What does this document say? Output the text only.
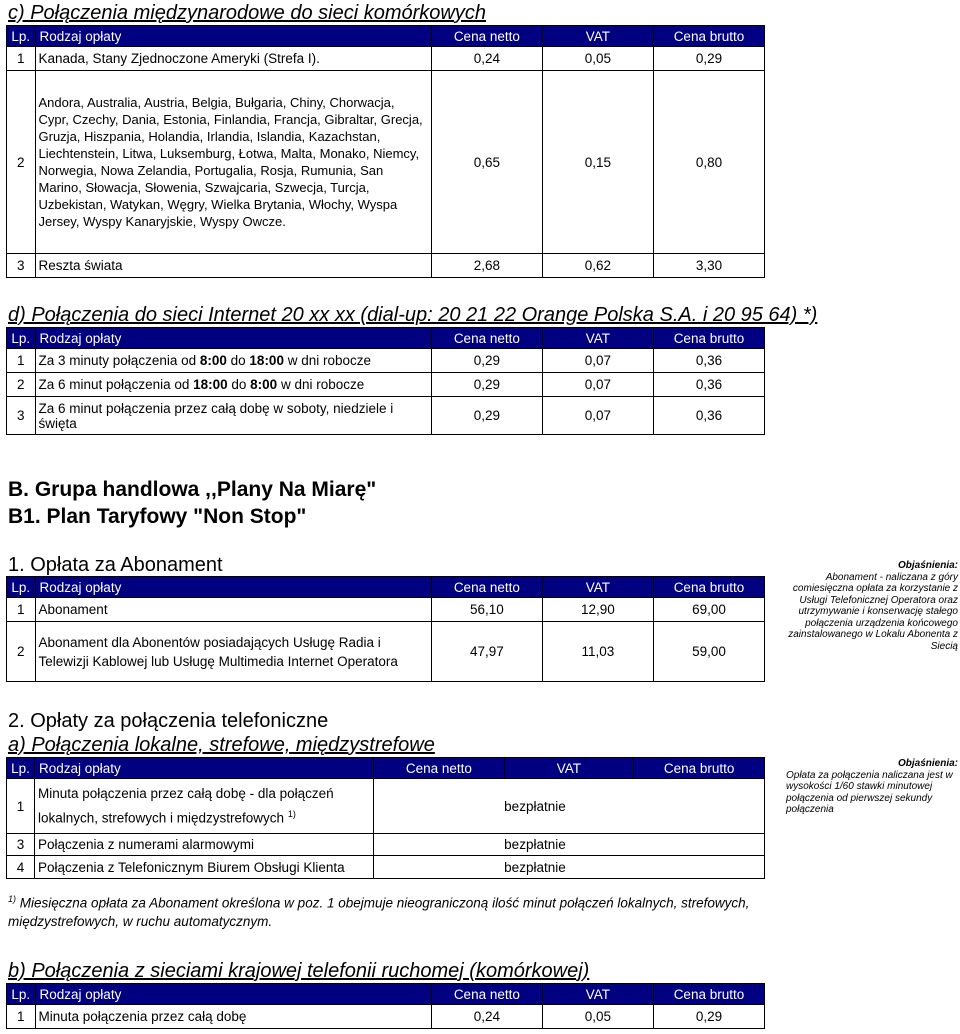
c) Połączenia międzynarodowe do sieci komórkowych
Lp.	Rodzaj opłaty	Cena netto	VAT	Cena brutto
1	Kanada, Stany Zjednoczone Ameryki (Strefa I).	0,24	0,05	0,29
2	Andora, Australia, Austria, Belgia, Bułgaria, Chiny, Chorwacja, Cypr, Czechy, Dania, Estonia, Finlandia, Francja, Gibraltar, Grecja, Gruzja, Hiszpania, Holandia, Irlandia, Islandia, Kazachstan, Liechtenstein, Litwa, Luksemburg, Łotwa, Malta, Monako, Niemcy, Norwegia, Nowa Zelandia, Portugalia, Rosja, Rumunia, San Marino, Słowacja, Słowenia, Szwajcaria, Szwecja, Turcja, Uzbekistan, Watykan, Węgry, Wielka Brytania, Włochy, Wyspa Jersey, Wyspy Kanaryjskie, Wyspy Owcze.	0,65	0,15	0,80
3	Reszta świata	2,68	0,62	3,30
d) Połączenia do sieci Internet 20 xx xx (dial-up: 20 21 22 Orange Polska S.A. i 20 95 64) *)
Lp.	Rodzaj opłaty	Cena netto	VAT	Cena brutto
1	Za 3 minuty połączenia od 8:00 do 18:00 w dni robocze	0,29	0,07	0,36
2	Za 6 minut połączenia od 18:00 do 8:00 w dni robocze	0,29	0,07	0,36
3	Za 6 minut połączenia przez całą dobę w soboty, niedziele i święta	0,29	0,07	0,36
B. Grupa handlowa ,,Plany Na Miarę"
B1. Plan Taryfowy "Non Stop"
1. Opłata za Abonament
Lp.	Rodzaj opłaty	Cena netto	VAT	Cena brutto
1	Abonament	56,10	12,90	69,00
2	Abonament dla Abonentów posiadających Usługę Radia i Telewizji Kablowej lub Usługę Multimedia Internet Operatora	47,97	11,03	59,00
Objaśnienia:
Abonament - naliczana z góry comiesięczna opłata za korzystanie z Usługi Telefonicznej Operatora oraz utrzymywanie i konserwację stałego połączenia urządzenia końcowego zainstalowanego w Lokalu Abonenta z Siecią
2. Opłaty za połączenia telefoniczne
a) Połączenia lokalne, strefowe, międzystrefowe
Lp.	Rodzaj opłaty	Cena netto	VAT	Cena brutto
1	Minuta połączenia przez całą dobę - dla połączeń lokalnych, strefowych i międzystrefowych $^{1)}$	bezpłatnie		
3	Połączenia z numerami alarmowymi	bezpłatnie		
4	Połączenia z Telefonicznym Biurem Obsługi Klienta	bezpłatnie		
Objaśnienia:
Opłata za połączenia naliczana jest w wysokości 1/60 stawki minutowej połączenia od pierwszej sekundy połączenia
$^{1)}$ Miesięczna opłata za Abonament określona w poz. 1 obejmuje nieograniczoną ilość minut połączeń lokalnych, strefowych, międzystrefowych, w ruchu automatycznym.
b) Połączenia z sieciami krajowej telefonii ruchomej (komórkowej)
Lp.	Rodzaj opłaty	Cena netto	VAT	Cena brutto
1	Minuta połączenia przez całą dobę	0,24	0,05	0,29
